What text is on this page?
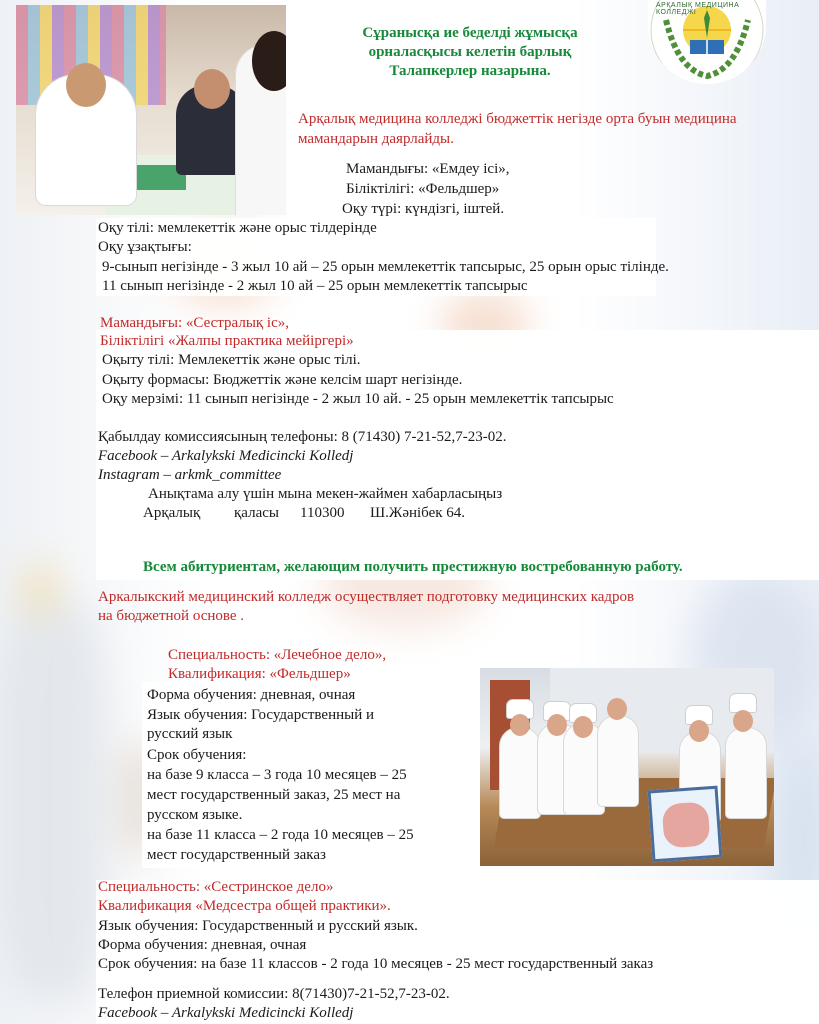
АРҚАЛЫҚ МЕДИЦИНА КОЛЛЕДЖІ
Сұранысқа ие беделді жұмысқа
орналасқысы келетін барлық
Талапкерлер назарына.
Арқалық медицина колледжі бюджеттік негізде орта буын медицина
мамандарын даярлайды.
Мамандығы: «Емдеу ісі»,
Біліктілігі: «Фельдшер»
Оқу түрі: күндізгі, іштей.
Оқу тілі: мемлекеттік және орыс тілдерінде
Оқу ұзақтығы:
9-сынып негізінде - 3 жыл 10 ай – 25 орын мемлекеттік тапсырыс, 25 орын орыс тілінде.
11 сынып негізінде - 2 жыл 10 ай – 25 орын мемлекеттік тапсырыс
Мамандығы: «Сестралық іс»,
Біліктілігі «Жалпы практика мейіргері»
Оқыту тілі: Мемлекеттік және орыс тілі.
Оқыту формасы: Бюджеттік және келсім шарт негізінде.
Оқу мерзімі: 11 сынып негізінде - 2 жыл 10 ай. - 25 орын мемлекеттік тапсырыс
Қабылдау комиссиясының телефоны: 8 (71430) 7-21-52,7-23-02.
Facebook – Arkalykski Medicincki Kolledj
Instagram – arkmk_committee
Анықтама алу үшін мына мекен-жаймен хабарласыңыз
Арқалық қаласы 110300 Ш.Жәнібек 64.
Всем абитуриентам, желающим получить престижную востребованную работу.
Аркалыкский медицинский колледж осуществляет подготовку медицинских кадров
на бюджетной основе .
Специальность: «Лечебное дело»,
Квалификация: «Фельдшер»
Форма обучения: дневная, очная
Язык обучения: Государственный и
русский язык
Срок обучения:
на базе 9 класса – 3 года 10 месяцев – 25
мест государственный заказ, 25 мест на
русском языке.
на базе 11 класса – 2 года 10 месяцев – 25
мест государственный заказ
Специальность: «Сестринское дело»
Квалификация «Медсестра общей практики».
Язык обучения: Государственный и русский язык.
Форма обучения: дневная, очная
Срок обучения: на базе 11 классов - 2 года 10 месяцев - 25 мест государственный заказ
Телефон приемной комиссии: 8(71430)7-21-52,7-23-02.
Facebook – Arkalykski Medicincki Kolledj
